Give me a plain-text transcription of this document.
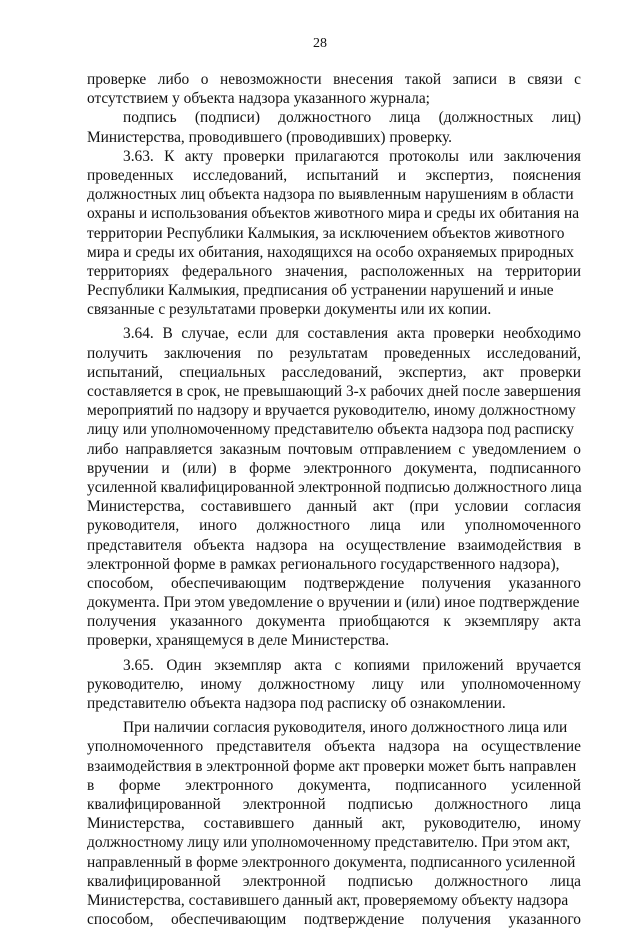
28
проверке либо о невозможности внесения такой записи в связи с
отсутствием у объекта надзора указанного журнала;
подпись (подписи) должностного лица (должностных лиц)
Министерства, проводившего (проводивших) проверку.
3.63. К акту проверки прилагаются протоколы или заключения
проведенных исследований, испытаний и экспертиз, пояснения
должностных лиц объекта надзора по выявленным нарушениям в области
охраны и использования объектов животного мира и среды их обитания на
территории Республики Калмыкия, за исключением объектов животного
мира и среды их обитания, находящихся на особо охраняемых природных
территориях федерального значения, расположенных на территории
Республики Калмыкия, предписания об устранении нарушений и иные
связанные с результатами проверки документы или их копии.
3.64. В случае, если для составления акта проверки необходимо
получить заключения по результатам проведенных исследований,
испытаний, специальных расследований, экспертиз, акт проверки
составляется в срок, не превышающий 3-х рабочих дней после завершения
мероприятий по надзору и вручается руководителю, иному должностному
лицу или уполномоченному представителю объекта надзора под расписку
либо направляется заказным почтовым отправлением с уведомлением о
вручении и (или) в форме электронного документа, подписанного
усиленной квалифицированной электронной подписью должностного лица
Министерства, составившего данный акт (при условии согласия
руководителя, иного должностного лица или уполномоченного
представителя объекта надзора на осуществление взаимодействия в
электронной форме в рамках регионального государственного надзора),
способом, обеспечивающим подтверждение получения указанного
документа. При этом уведомление о вручении и (или) иное подтверждение
получения указанного документа приобщаются к экземпляру акта
проверки, хранящемуся в деле Министерства.
3.65. Один экземпляр акта с копиями приложений вручается
руководителю, иному должностному лицу или уполномоченному
представителю объекта надзора под расписку об ознакомлении.
При наличии согласия руководителя, иного должностного лица или
уполномоченного представителя объекта надзора на осуществление
взаимодействия в электронной форме акт проверки может быть направлен
в форме электронного документа, подписанного усиленной
квалифицированной электронной подписью должностного лица
Министерства, составившего данный акт, руководителю, иному
должностному лицу или уполномоченному представителю. При этом акт,
направленный в форме электронного документа, подписанного усиленной
квалифицированной электронной подписью должностного лица
Министерства, составившего данный акт, проверяемому объекту надзора
способом, обеспечивающим подтверждение получения указанного
